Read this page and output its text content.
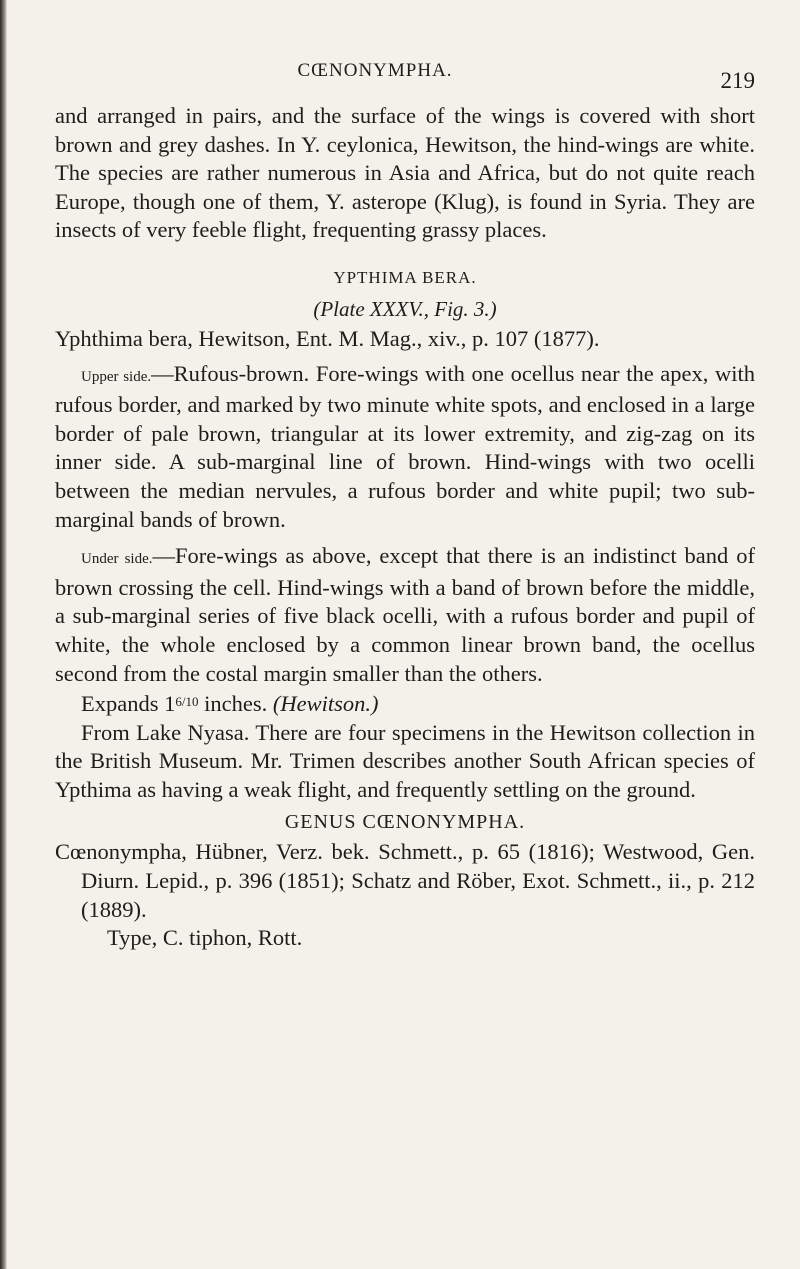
CŒNONYMPHA.	219

and arranged in pairs, and the surface of the wings is covered with short brown and grey dashes. In Y. ceylonica, Hewitson, the hind-wings are white. The species are rather numerous in Asia and Africa, but do not quite reach Europe, though one of them, Y. asterope (Klug), is found in Syria. They are insects of very feeble flight, frequenting grassy places.

YPTHIMA BERA.
(Plate XXXV., Fig. 3.)

Yphthima bera, Hewitson, Ent. M. Mag., xiv., p. 107 (1877).

Upper side.—Rufous-brown. Fore-wings with one ocellus near the apex, with rufous border, and marked by two minute white spots, and enclosed in a large border of pale brown, triangular at its lower extremity, and zig-zag on its inner side. A sub-marginal line of brown. Hind-wings with two ocelli between the median nervules, a rufous border and white pupil; two sub-marginal bands of brown.

Under side.—Fore-wings as above, except that there is an indistinct band of brown crossing the cell. Hind-wings with a band of brown before the middle, a sub-marginal series of five black ocelli, with a rufous border and pupil of white, the whole enclosed by a common linear brown band, the ocellus second from the costal margin smaller than the others.

Expands $1^{6/10}$ inches. (Hewitson.)

From Lake Nyasa. There are four specimens in the Hewitson collection in the British Museum. Mr. Trimen describes another South African species of Ypthima as having a weak flight, and frequently settling on the ground.

GENUS CŒNONYMPHA.

Cœnonympha, Hübner, Verz. bek. Schmett., p. 65 (1816); Westwood, Gen. Diurn. Lepid., p. 396 (1851); Schatz and Röber, Exot. Schmett., ii., p. 212 (1889).

Type, C. tiphon, Rott.
